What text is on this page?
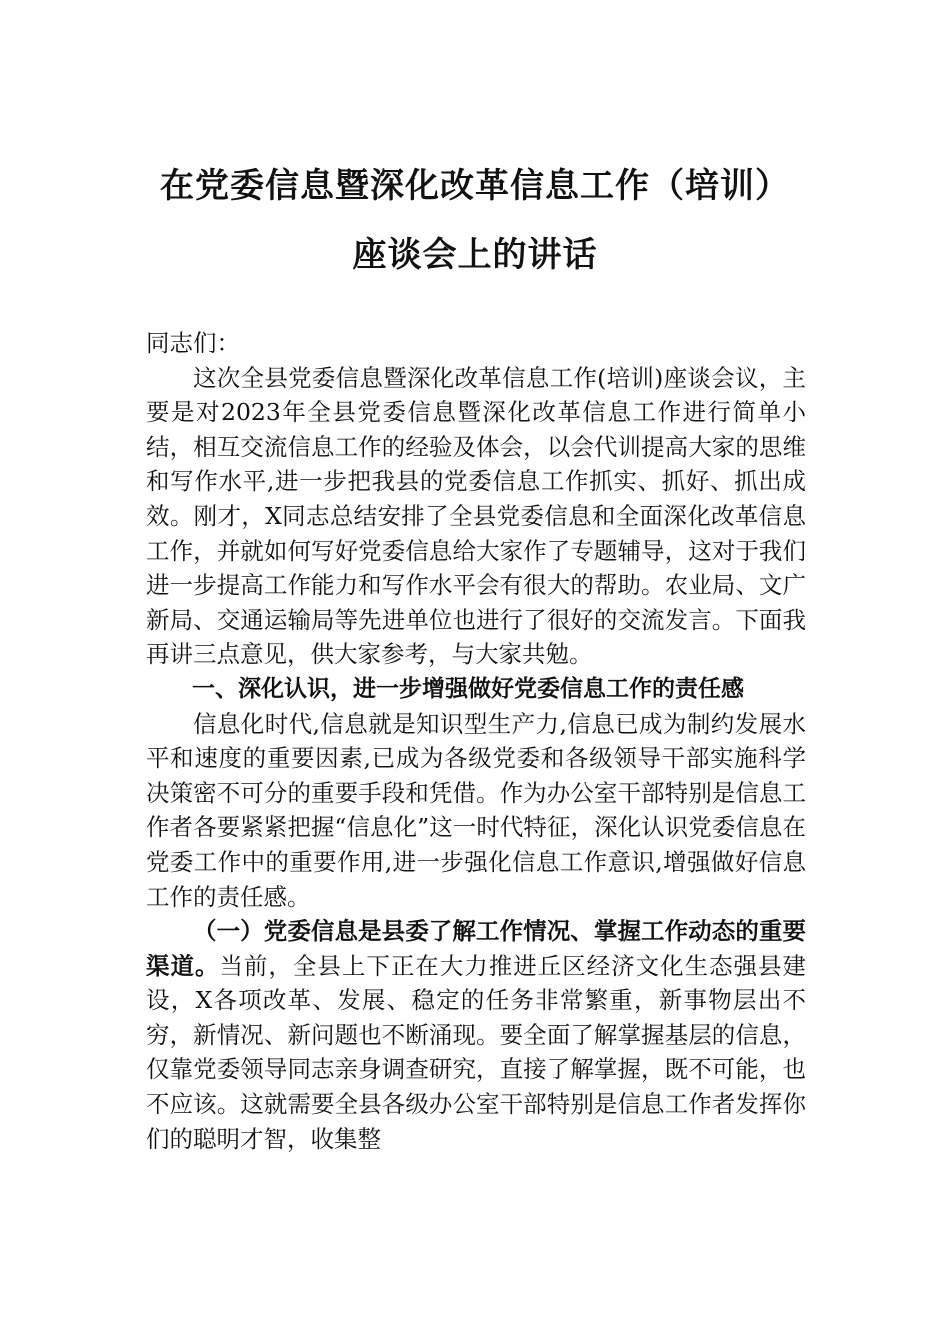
在党委信息暨深化改革信息工作（培训）
座谈会上的讲话

同志们：

这次全县党委信息暨深化改革信息工作(培训)座谈会议，主要是对2023年全县党委信息暨深化改革信息工作进行简单小结，相互交流信息工作的经验及体会，以会代训提高大家的思维和写作水平,进一步把我县的党委信息工作抓实、抓好、抓出成效。刚才，X同志总结安排了全县党委信息和全面深化改革信息工作，并就如何写好党委信息给大家作了专题辅导，这对于我们进一步提高工作能力和写作水平会有很大的帮助。农业局、文广新局、交通运输局等先进单位也进行了很好的交流发言。下面我再讲三点意见，供大家参考，与大家共勉。

一、深化认识，进一步增强做好党委信息工作的责任感

信息化时代,信息就是知识型生产力,信息已成为制约发展水平和速度的重要因素,已成为各级党委和各级领导干部实施科学决策密不可分的重要手段和凭借。作为办公室干部特别是信息工作者各要紧紧把握“信息化”这一时代特征，深化认识党委信息在党委工作中的重要作用,进一步强化信息工作意识,增强做好信息工作的责任感。

（一）党委信息是县委了解工作情况、掌握工作动态的重要渠道。当前，全县上下正在大力推进丘区经济文化生态强县建设，X各项改革、发展、稳定的任务非常繁重，新事物层出不穷，新情况、新问题也不断涌现。要全面了解掌握基层的信息，仅靠党委领导同志亲身调查研究，直接了解掌握，既不可能，也不应该。这就需要全县各级办公室干部特别是信息工作者发挥你们的聪明才智，收集整
